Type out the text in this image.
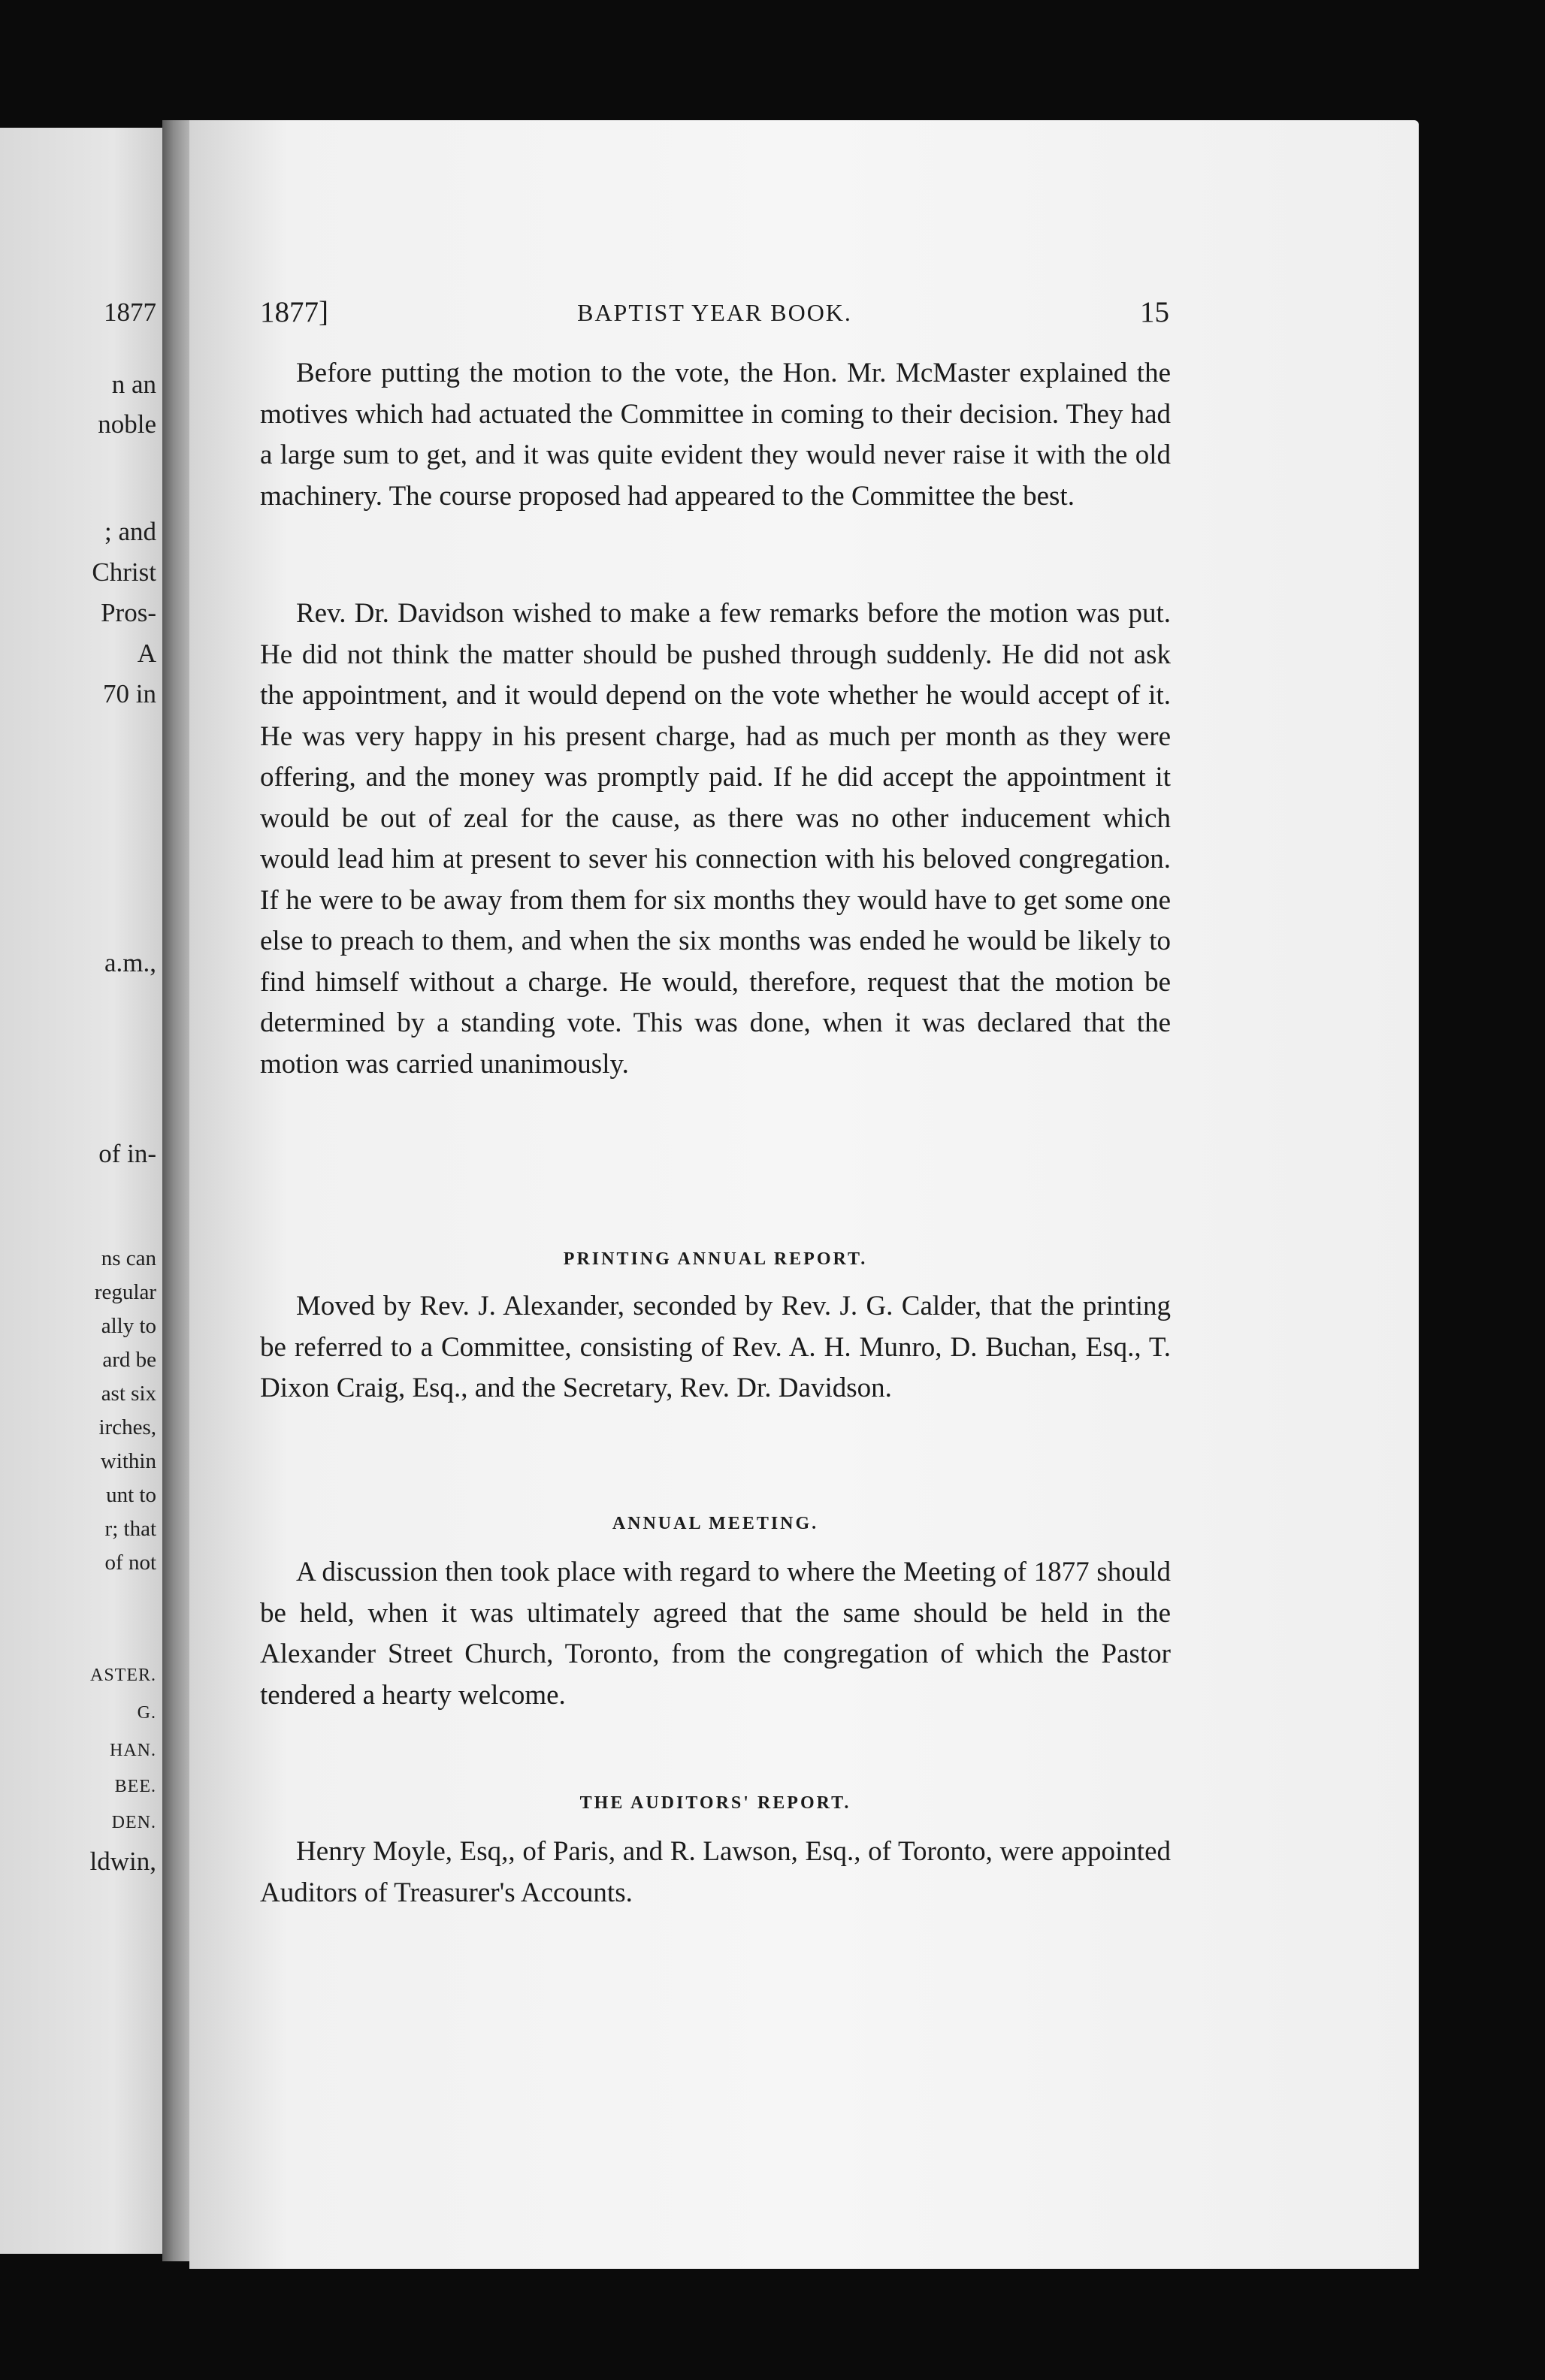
1877

n an

noble

; and

Christ

Pros-

A

70 in

a.m.,

of in-

ns can

regular

ally to

ard be

ast six

irches,

within

unt to

r; that

of not

ASTER.

G.

HAN.

BEE.

DEN.

ldwin,

1877]	BAPTIST YEAR BOOK.	15

Before putting the motion to the vote, the Hon. Mr. McMaster explained the motives which had actuated the Committee in coming to their decision. They had a large sum to get, and it was quite evident they would never raise it with the old machinery. The course proposed had appeared to the Committee the best.

Rev. Dr. Davidson wished to make a few remarks before the motion was put. He did not think the matter should be pushed through suddenly. He did not ask the appointment, and it would depend on the vote whether he would accept of it. He was very happy in his present charge, had as much per month as they were offering, and the money was promptly paid. If he did accept the appointment it would be out of zeal for the cause, as there was no other inducement which would lead him at present to sever his connection with his beloved congregation. If he were to be away from them for six months they would have to get some one else to preach to them, and when the six months was ended he would be likely to find himself without a charge. He would, therefore, request that the motion be determined by a standing vote. This was done, when it was declared that the motion was carried unanimously.

PRINTING ANNUAL REPORT.

Moved by Rev. J. Alexander, seconded by Rev. J. G. Calder, that the printing be referred to a Committee, consisting of Rev. A. H. Munro, D. Buchan, Esq., T. Dixon Craig, Esq., and the Secretary, Rev. Dr. Davidson.

ANNUAL MEETING.

A discussion then took place with regard to where the Meeting of 1877 should be held, when it was ultimately agreed that the same should be held in the Alexander Street Church, Toronto, from the congregation of which the Pastor tendered a hearty welcome.

THE AUDITORS' REPORT.

Henry Moyle, Esq,, of Paris, and R. Lawson, Esq., of Toronto, were appointed Auditors of Treasurer's Accounts.
